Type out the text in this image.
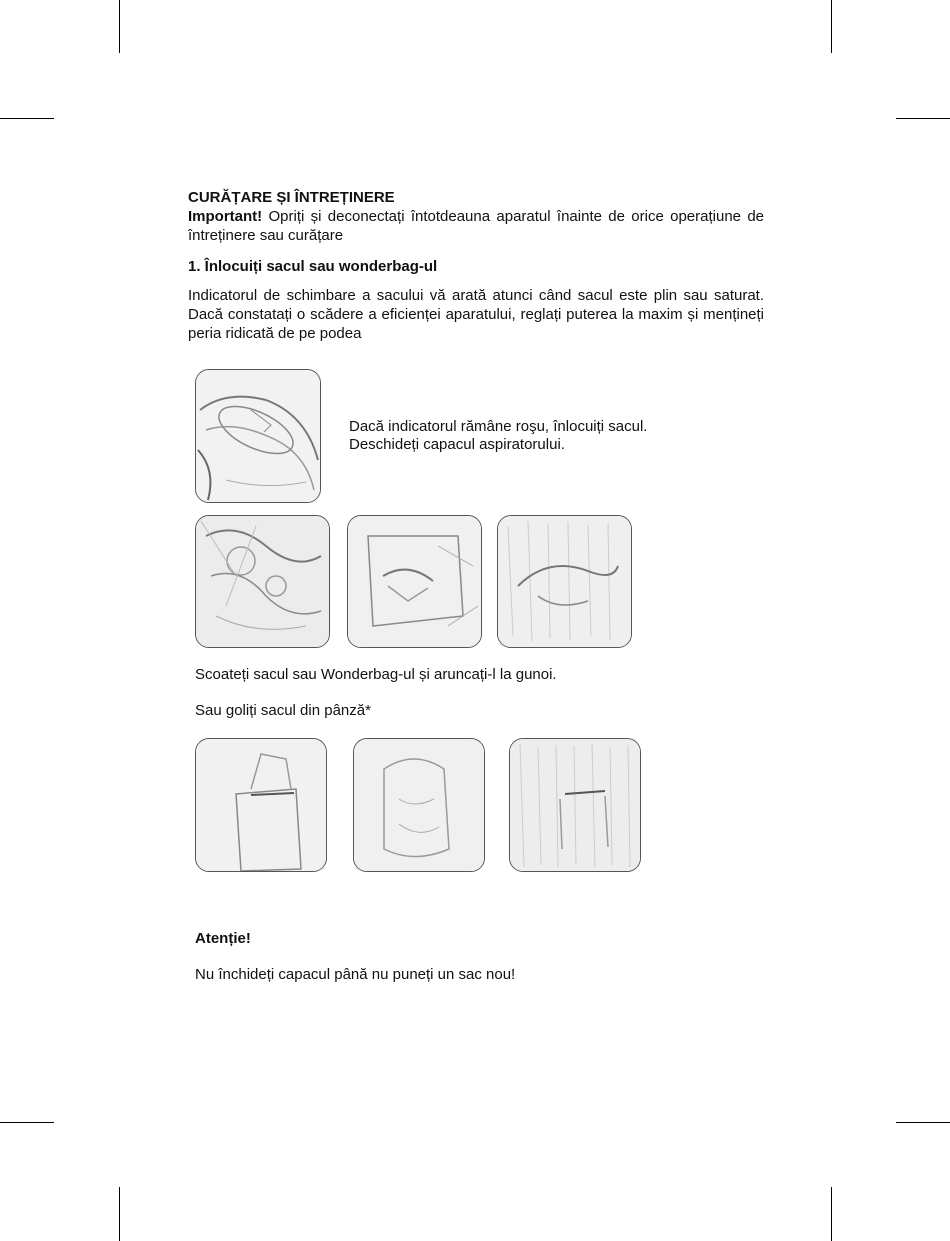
CURĂȚARE ȘI ÎNTREȚINERE

Important! Opriți și deconectați întotdeauna aparatul înainte de orice operațiune de întreținere sau curățare

1. Înlocuiți sacul sau wonderbag-ul

Indicatorul de schimbare a sacului vă arată atunci când sacul este plin sau saturat. Dacă constatați o scădere a eficienței aparatului, reglați puterea la maxim și mențineți peria ridicată de pe podea

Dacă indicatorul rămâne roşu, înlocuiți sacul.
Deschideți capacul aspiratorului.
Scoateți sacul sau Wonderbag-ul și aruncați-l la gunoi.
Sau goliți sacul din pânză*
Atenție!
Nu închideți capacul până nu puneți un sac nou!
